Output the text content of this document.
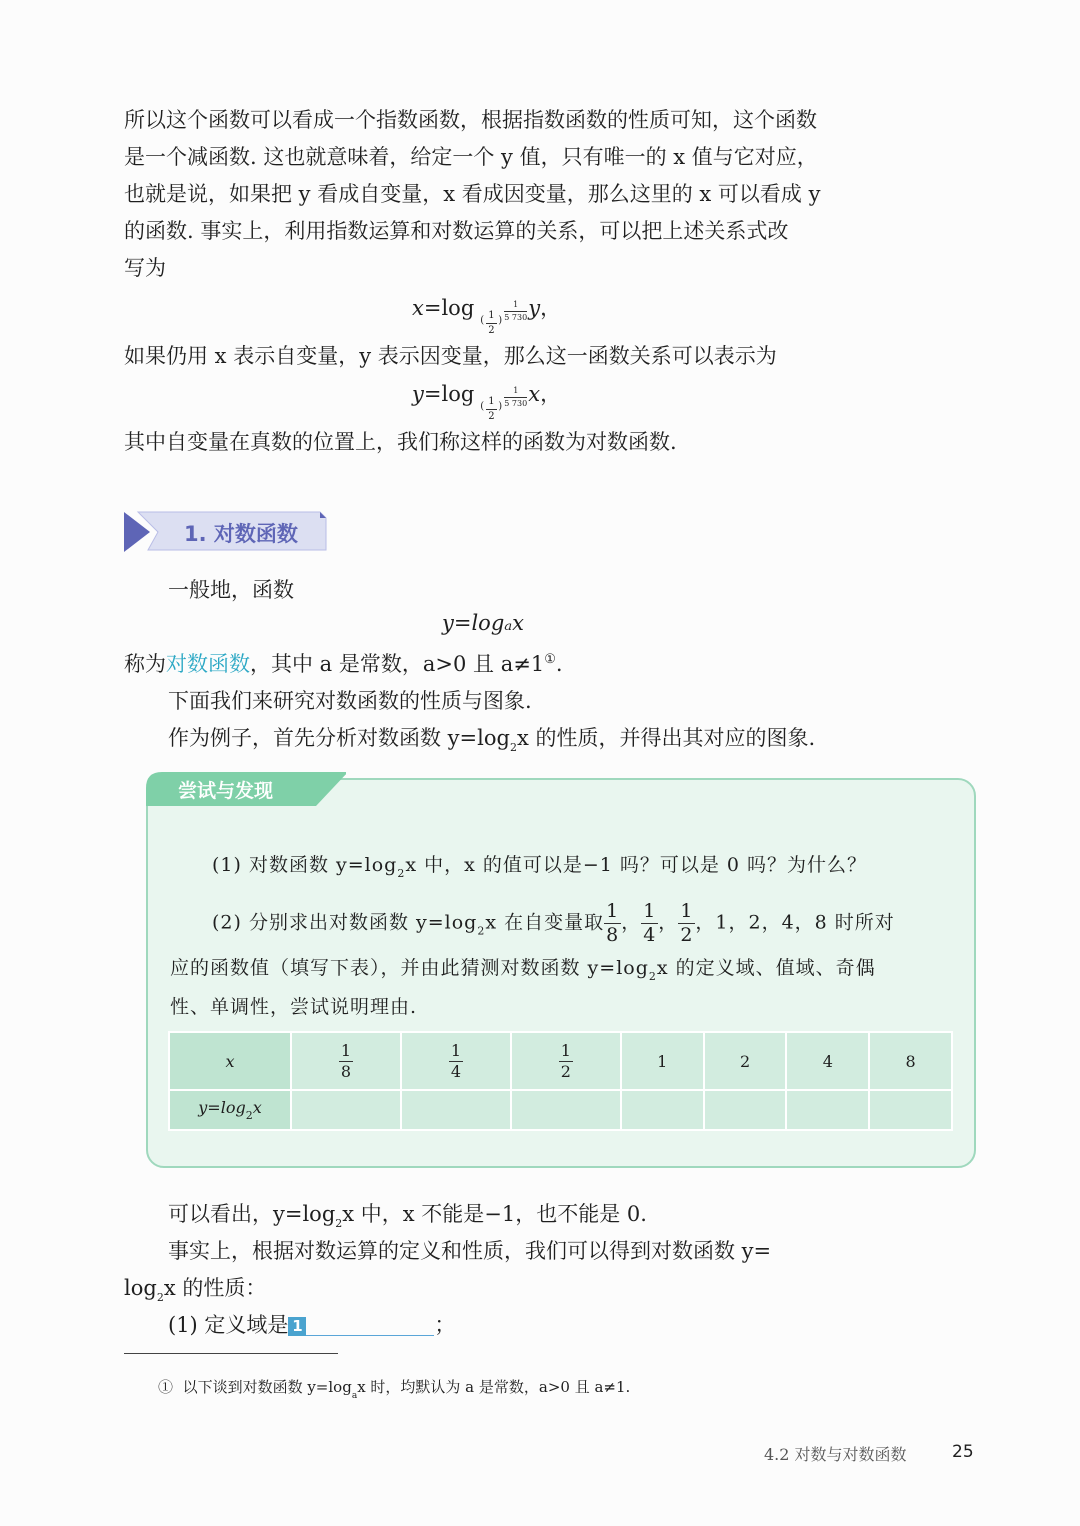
所以这个函数可以看成一个指数函数，根据指数函数的性质可知，这个函数
是一个减函数. 这也就意味着，给定一个 y 值，只有唯一的 x 值与它对应，
也就是说，如果把 y 看成自变量，x 看成因变量，那么这里的 x 可以看成 y
的函数. 事实上，利用指数运算和对数运算的关系，可以把上述关系式改
写为
x=log
( 1
2
)
1
5 730 y，
如果仍用 x 表示自变量，y 表示因变量，那么这一函数关系可以表示为
y=log
( 1
2
)
1
5 730 x，
其中自变量在真数的位置上，我们称这样的函数为对数函数.
1. 对数函数
一般地，函数
y=logₐx
称为对数函数，其中 a 是常数，a>0 且 a≠1①.
下面我们来研究对数函数的性质与图象.
作为例子，首先分析对数函数 $y=\log_2x$ 的性质，并得出其对应的图象.
尝试与发现
(1) 对数函数 $y=\log_2x$ 中，x 的值可以是−1 吗？可以是 0 吗？为什么？
(2) 分别求出对数函数 $y=\log_2x$ 在自变量取 $\frac{1}{8}$ ， $\frac{1}{4}$ ， $\frac{1}{2}$ ，1，2，4，8 时所对
应的函数值（填写下表），并由此猜测对数函数 $y=\log_2x$ 的定义域、值域、奇偶
性、单调性，尝试说明理由.
x	$\frac{1}{8}$	$\frac{1}{4}$	$\frac{1}{2}$	1	2	4	8
$y=\log_2x$							
可以看出，$y=\log_2x$ 中，x 不能是−1，也不能是 0.
事实上，根据对数运算的定义和性质，我们可以得到对数函数 y=
$\log_2x$ 的性质：
(1) 定义域是 1	；
① 以下谈到对数函数 $y=\log_ax$ 时，均默认为 a 是常数，a>0 且 a≠1.
4.2 对数与对数函数	25
